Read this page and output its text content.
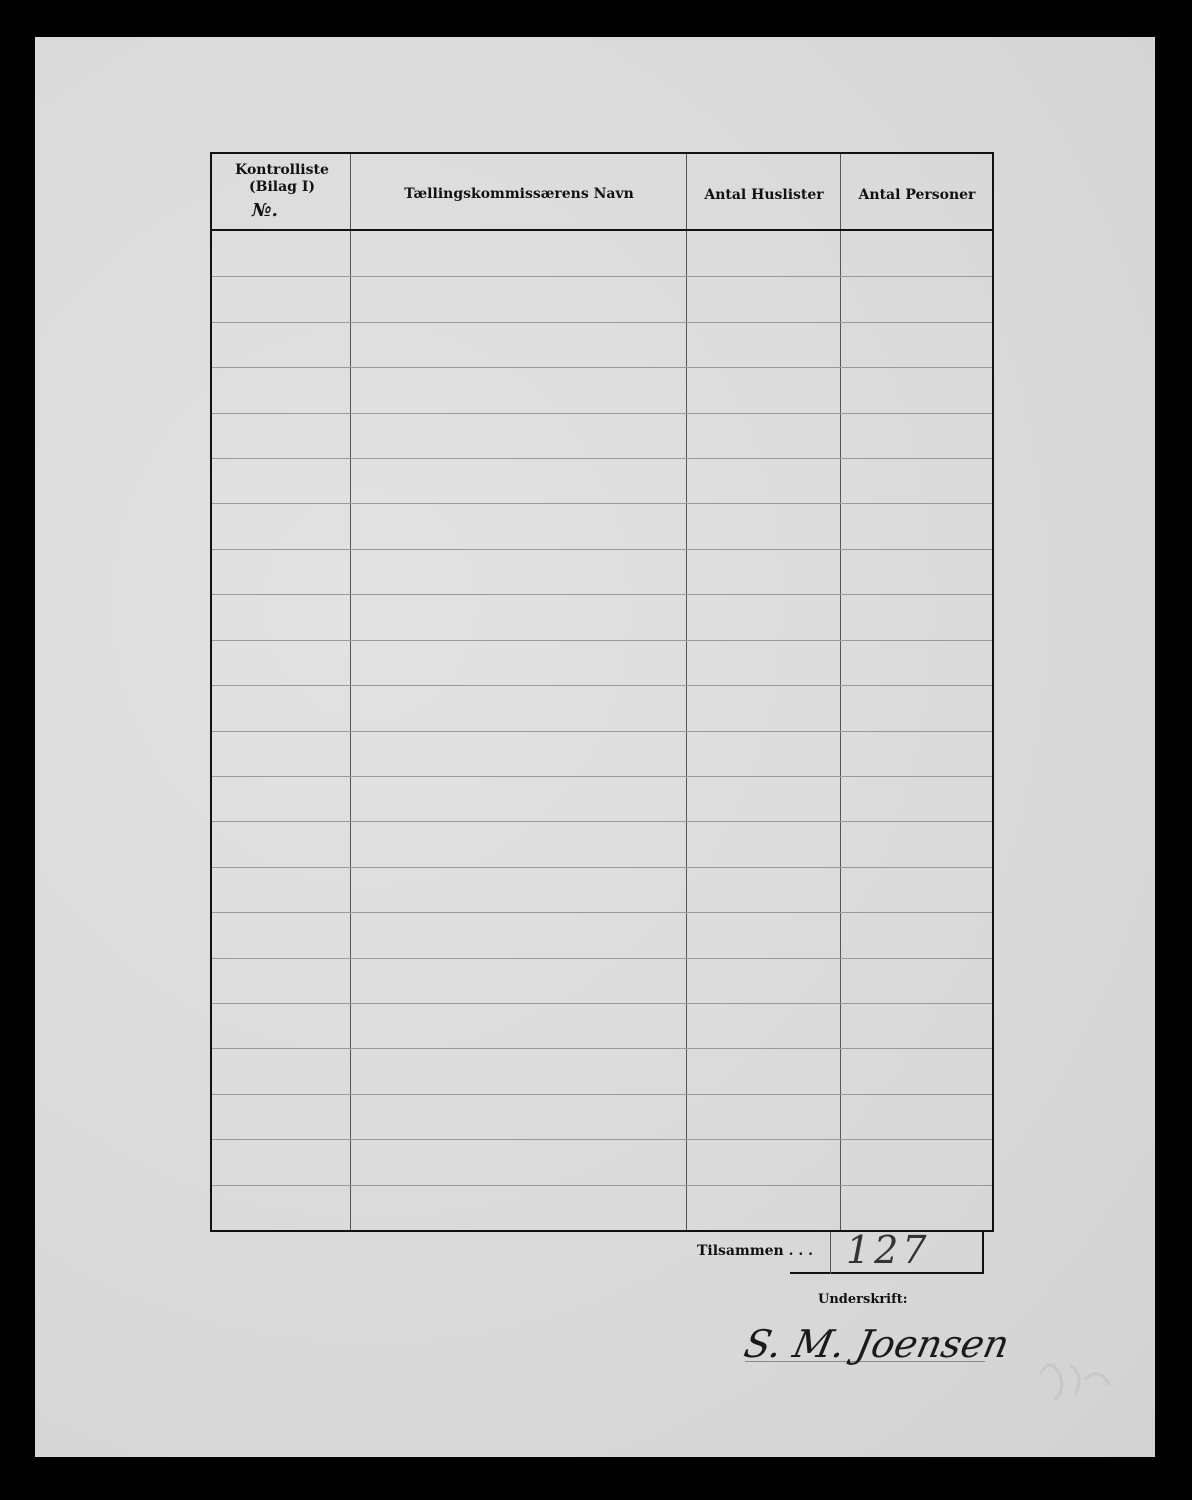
Kontrolliste
(Bilag I)
№.
Tællingskommissærens Navn	Antal Huslister	Antal Personer
Tilsammen . . . 127
Underskrift:
S. M. Joensen
